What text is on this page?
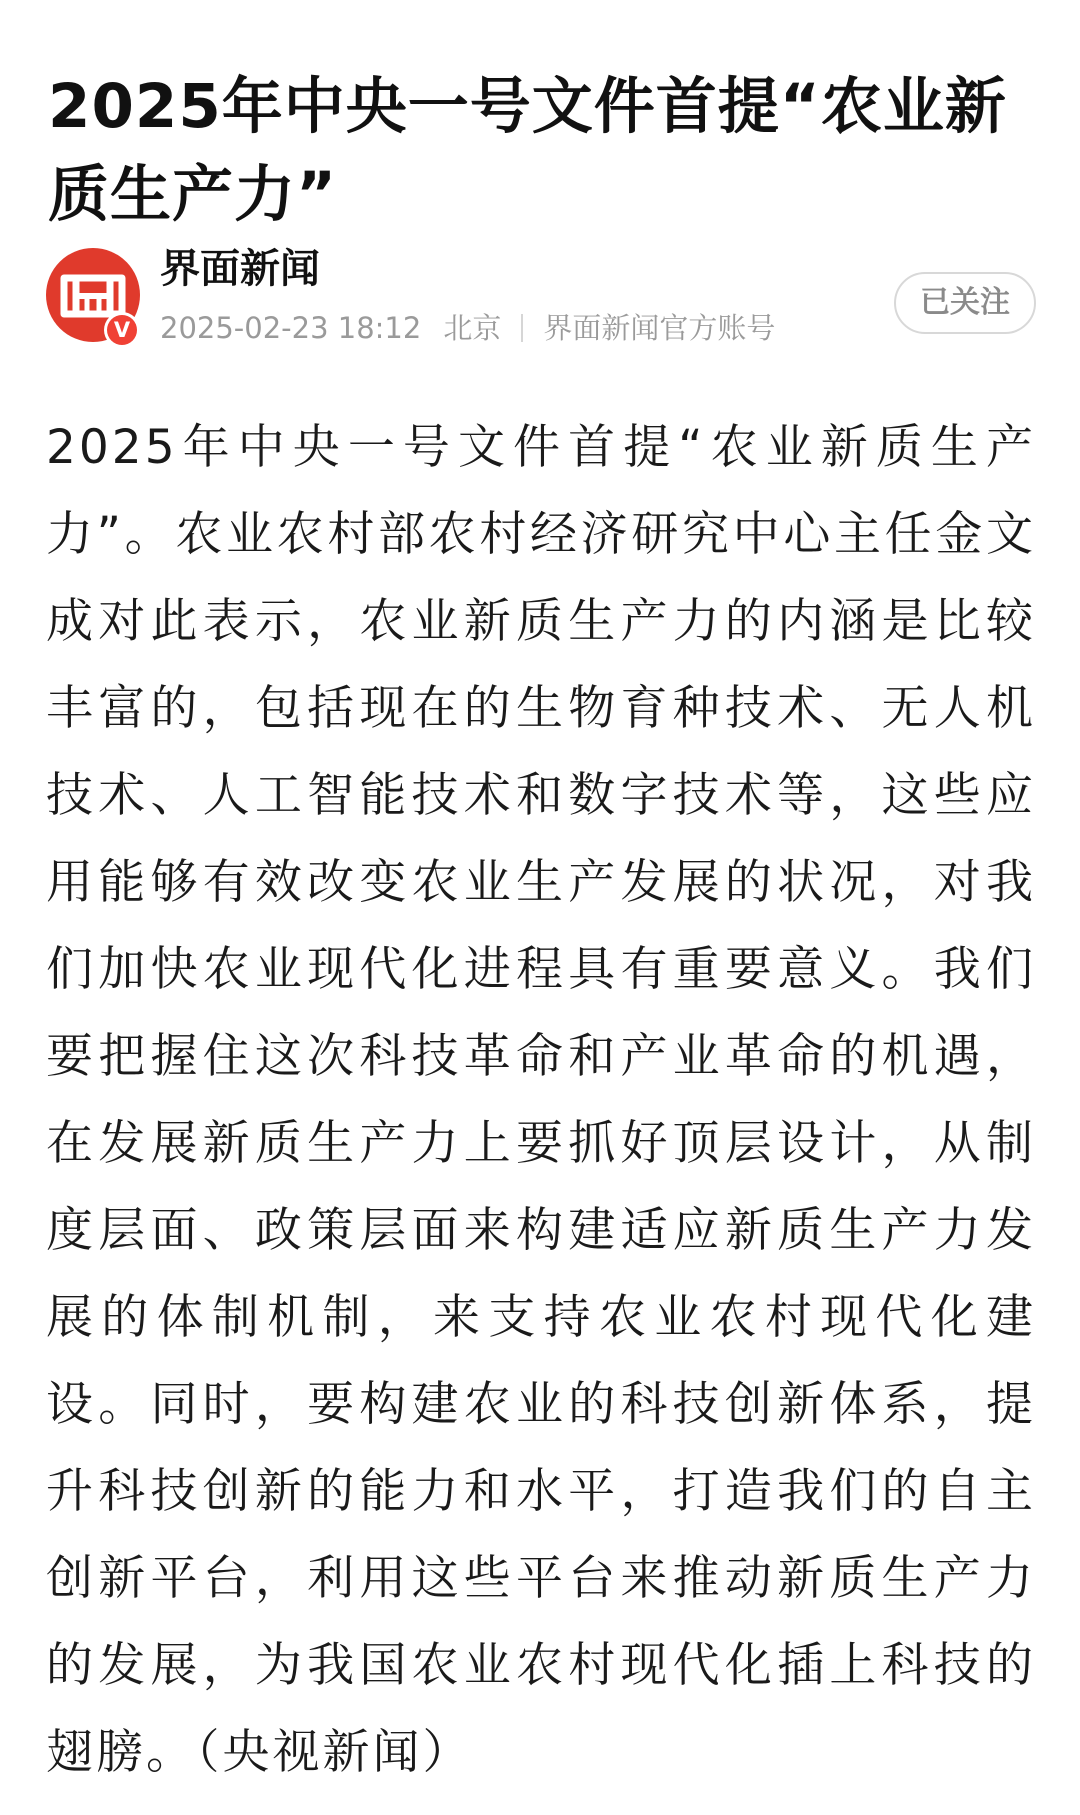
2025年中央一号文件首提“农业新质生产力”
V
界面新闻
2025-02-23 18:12 北京 界面新闻官方账号
已关注
2025年中央一号文件首提“农业新质生产力”。农业农村部农村经济研究中心主任金文成对此表示，农业新质生产力的内涵是比较丰富的，包括现在的生物育种技术、无人机技术、人工智能技术和数字技术等，这些应用能够有效改变农业生产发展的状况，对我们加快农业现代化进程具有重要意义。我们要把握住这次科技革命和产业革命的机遇，在发展新质生产力上要抓好顶层设计，从制度层面、政策层面来构建适应新质生产力发展的体制机制，来支持农业农村现代化建设。同时，要构建农业的科技创新体系，提升科技创新的能力和水平，打造我们的自主创新平台，利用这些平台来推动新质生产力的发展，为我国农业农村现代化插上科技的翅膀。（央视新闻）
